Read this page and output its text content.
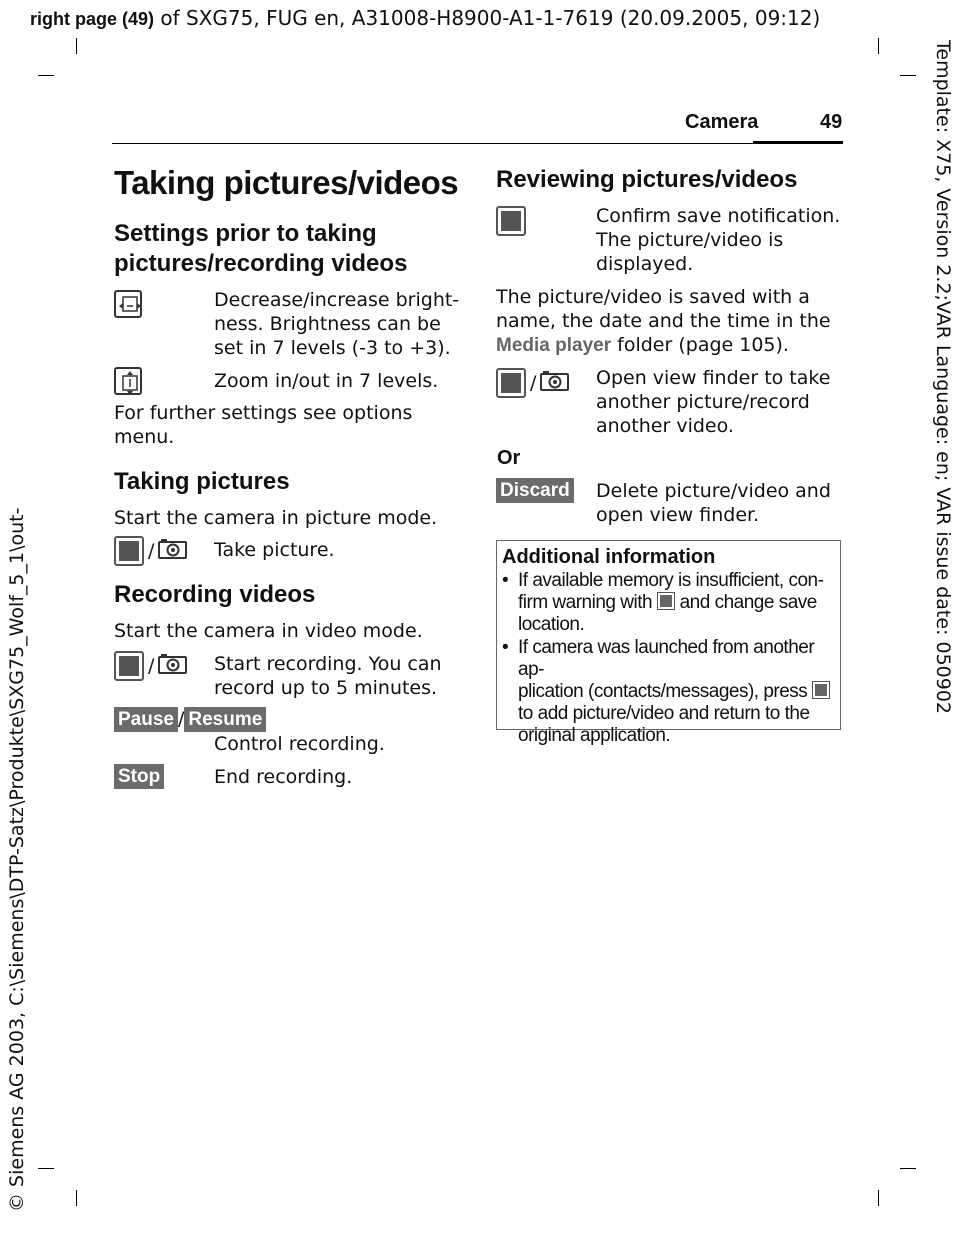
right page (49) of SXG75, FUG en, A31008-H8900-A1-1-7619 (20.09.2005, 09:12)
Template: X75, Version 2.2;VAR Language: en; VAR issue date: 050902
© Siemens AG 2003, C:\Siemens\DTP-Satz\Produkte\SXG75_Wolf_5_1\out-
Camera	49
Taking pictures/videos
Settings prior to taking
pictures/recording videos
Decrease/increase bright-
ness. Brightness can be
set in 7 levels (-3 to +3).
Zoom in/out in 7 levels.
For further settings see options
menu.
Taking pictures
Start the camera in picture mode.
/	Take picture.
Recording videos
Start the camera in video mode.
/	Start recording. You can
record up to 5 minutes.
Pause / Resume
Control recording.
Stop	End recording.
Reviewing pictures/videos
Confirm save notification.
The picture/video is
displayed.
The picture/video is saved with a
name, the date and the time in the
Media player folder (page 105).
/	Open view finder to take
another picture/record
another video.
Or
Discard Delete picture/video and
open view finder.
Additional information
• If available memory is insufficient, con-
firm warning with and change save
location.
• If camera was launched from another ap-
plication (contacts/messages), press
to add picture/video and return to the
original application.
